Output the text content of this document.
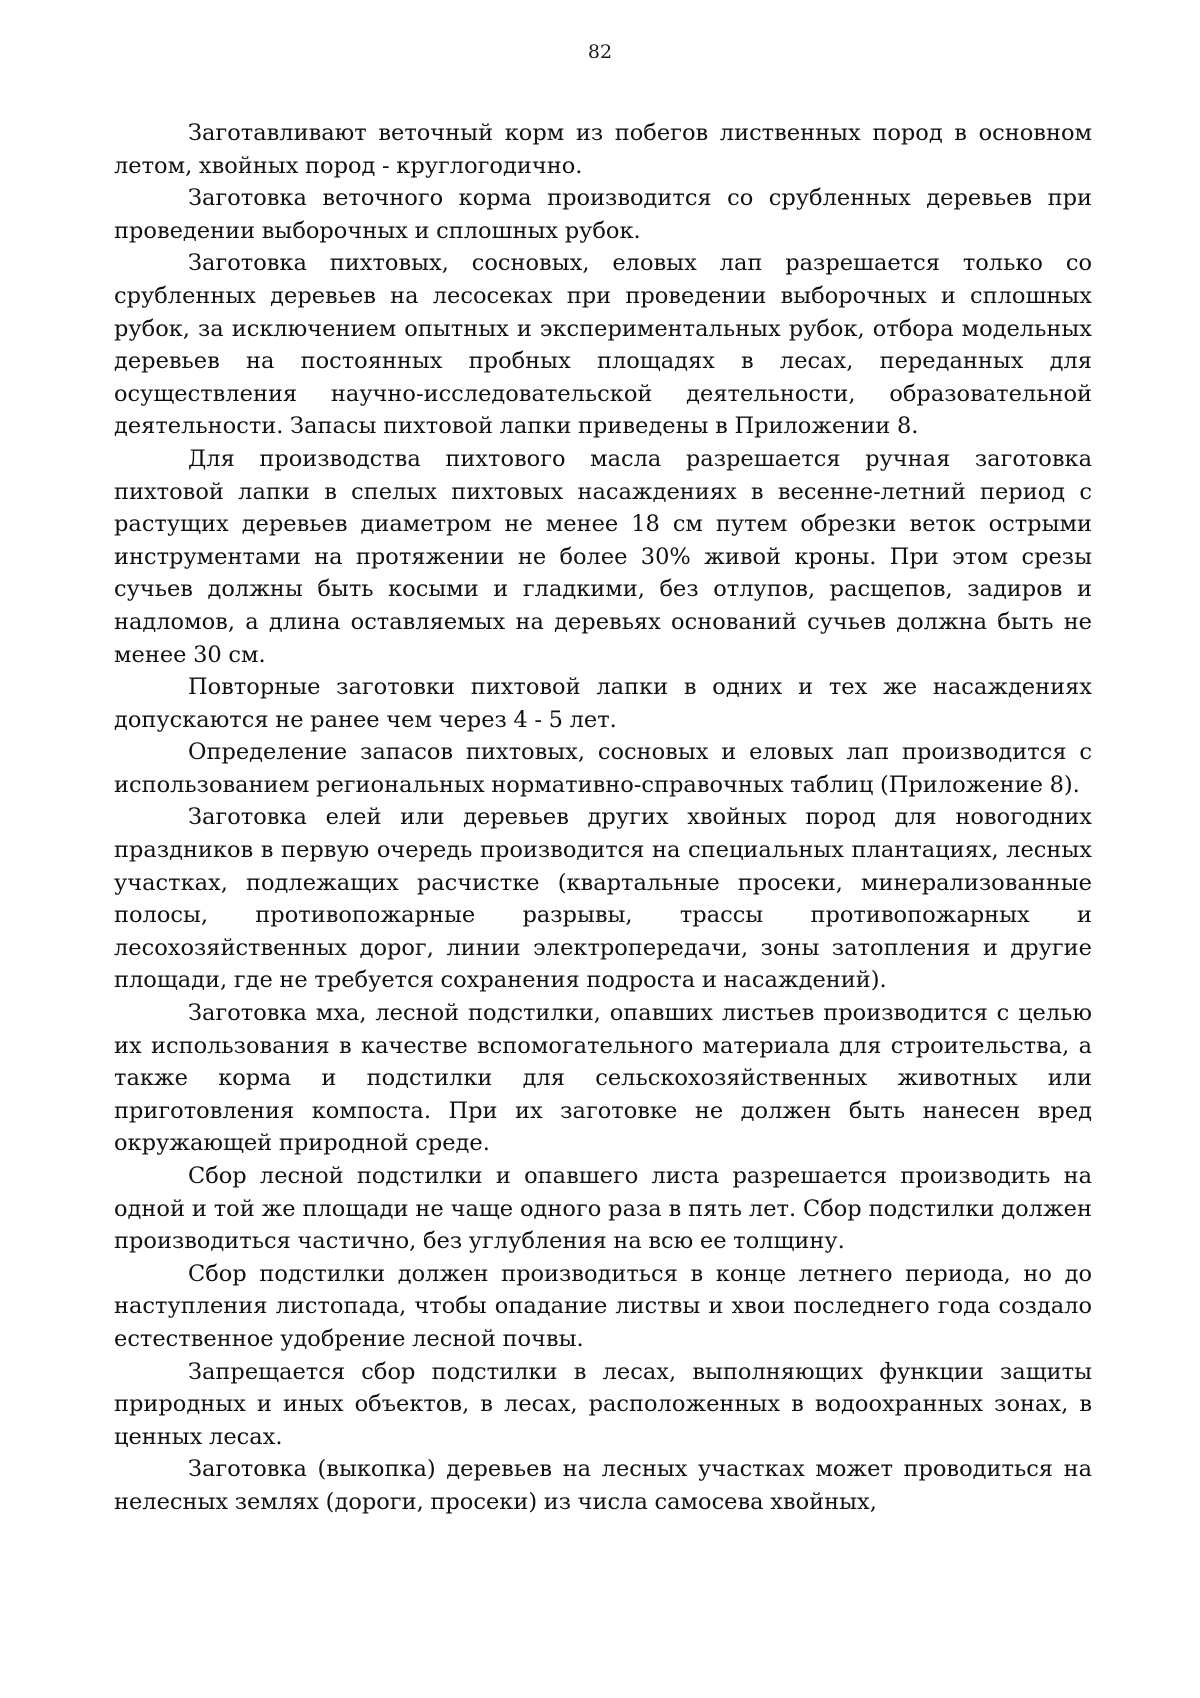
82

Заготавливают веточный корм из побегов лиственных пород в основном летом, хвойных пород - круглогодично.

Заготовка веточного корма производится со срубленных деревьев при проведении выборочных и сплошных рубок.

Заготовка пихтовых, сосновых, еловых лап разрешается только со срубленных деревьев на лесосеках при проведении выборочных и сплошных рубок, за исключением опытных и экспериментальных рубок, отбора модельных деревьев на постоянных пробных площадях в лесах, переданных для осуществления научно-исследовательской деятельности, образовательной деятельности. Запасы пихтовой лапки приведены в Приложении 8.

Для производства пихтового масла разрешается ручная заготовка пихтовой лапки в спелых пихтовых насаждениях в весенне-летний период с растущих деревьев диаметром не менее 18 см путем обрезки веток острыми инструментами на протяжении не более 30% живой кроны. При этом срезы сучьев должны быть косыми и гладкими, без отлупов, расщепов, задиров и надломов, а длина оставляемых на деревьях оснований сучьев должна быть не менее 30 см.

Повторные заготовки пихтовой лапки в одних и тех же насаждениях допускаются не ранее чем через 4 - 5 лет.

Определение запасов пихтовых, сосновых и еловых лап производится с использованием региональных нормативно-справочных таблиц (Приложение 8).

Заготовка елей или деревьев других хвойных пород для новогодних праздников в первую очередь производится на специальных плантациях, лесных участках, подлежащих расчистке (квартальные просеки, минерализованные полосы, противопожарные разрывы, трассы противопожарных и лесохозяйственных дорог, линии электропередачи, зоны затопления и другие площади, где не требуется сохранения подроста и насаждений).

Заготовка мха, лесной подстилки, опавших листьев производится с целью их использования в качестве вспомогательного материала для строительства, а также корма и подстилки для сельскохозяйственных животных или приготовления компоста. При их заготовке не должен быть нанесен вред окружающей природной среде.

Сбор лесной подстилки и опавшего листа разрешается производить на одной и той же площади не чаще одного раза в пять лет. Сбор подстилки должен производиться частично, без углубления на всю ее толщину.

Сбор подстилки должен производиться в конце летнего периода, но до наступления листопада, чтобы опадание листвы и хвои последнего года создало естественное удобрение лесной почвы.

Запрещается сбор подстилки в лесах, выполняющих функции защиты природных и иных объектов, в лесах, расположенных в водоохранных зонах, в ценных лесах.

Заготовка (выкопка) деревьев на лесных участках может проводиться на нелесных землях (дороги, просеки) из числа самосева хвойных,
